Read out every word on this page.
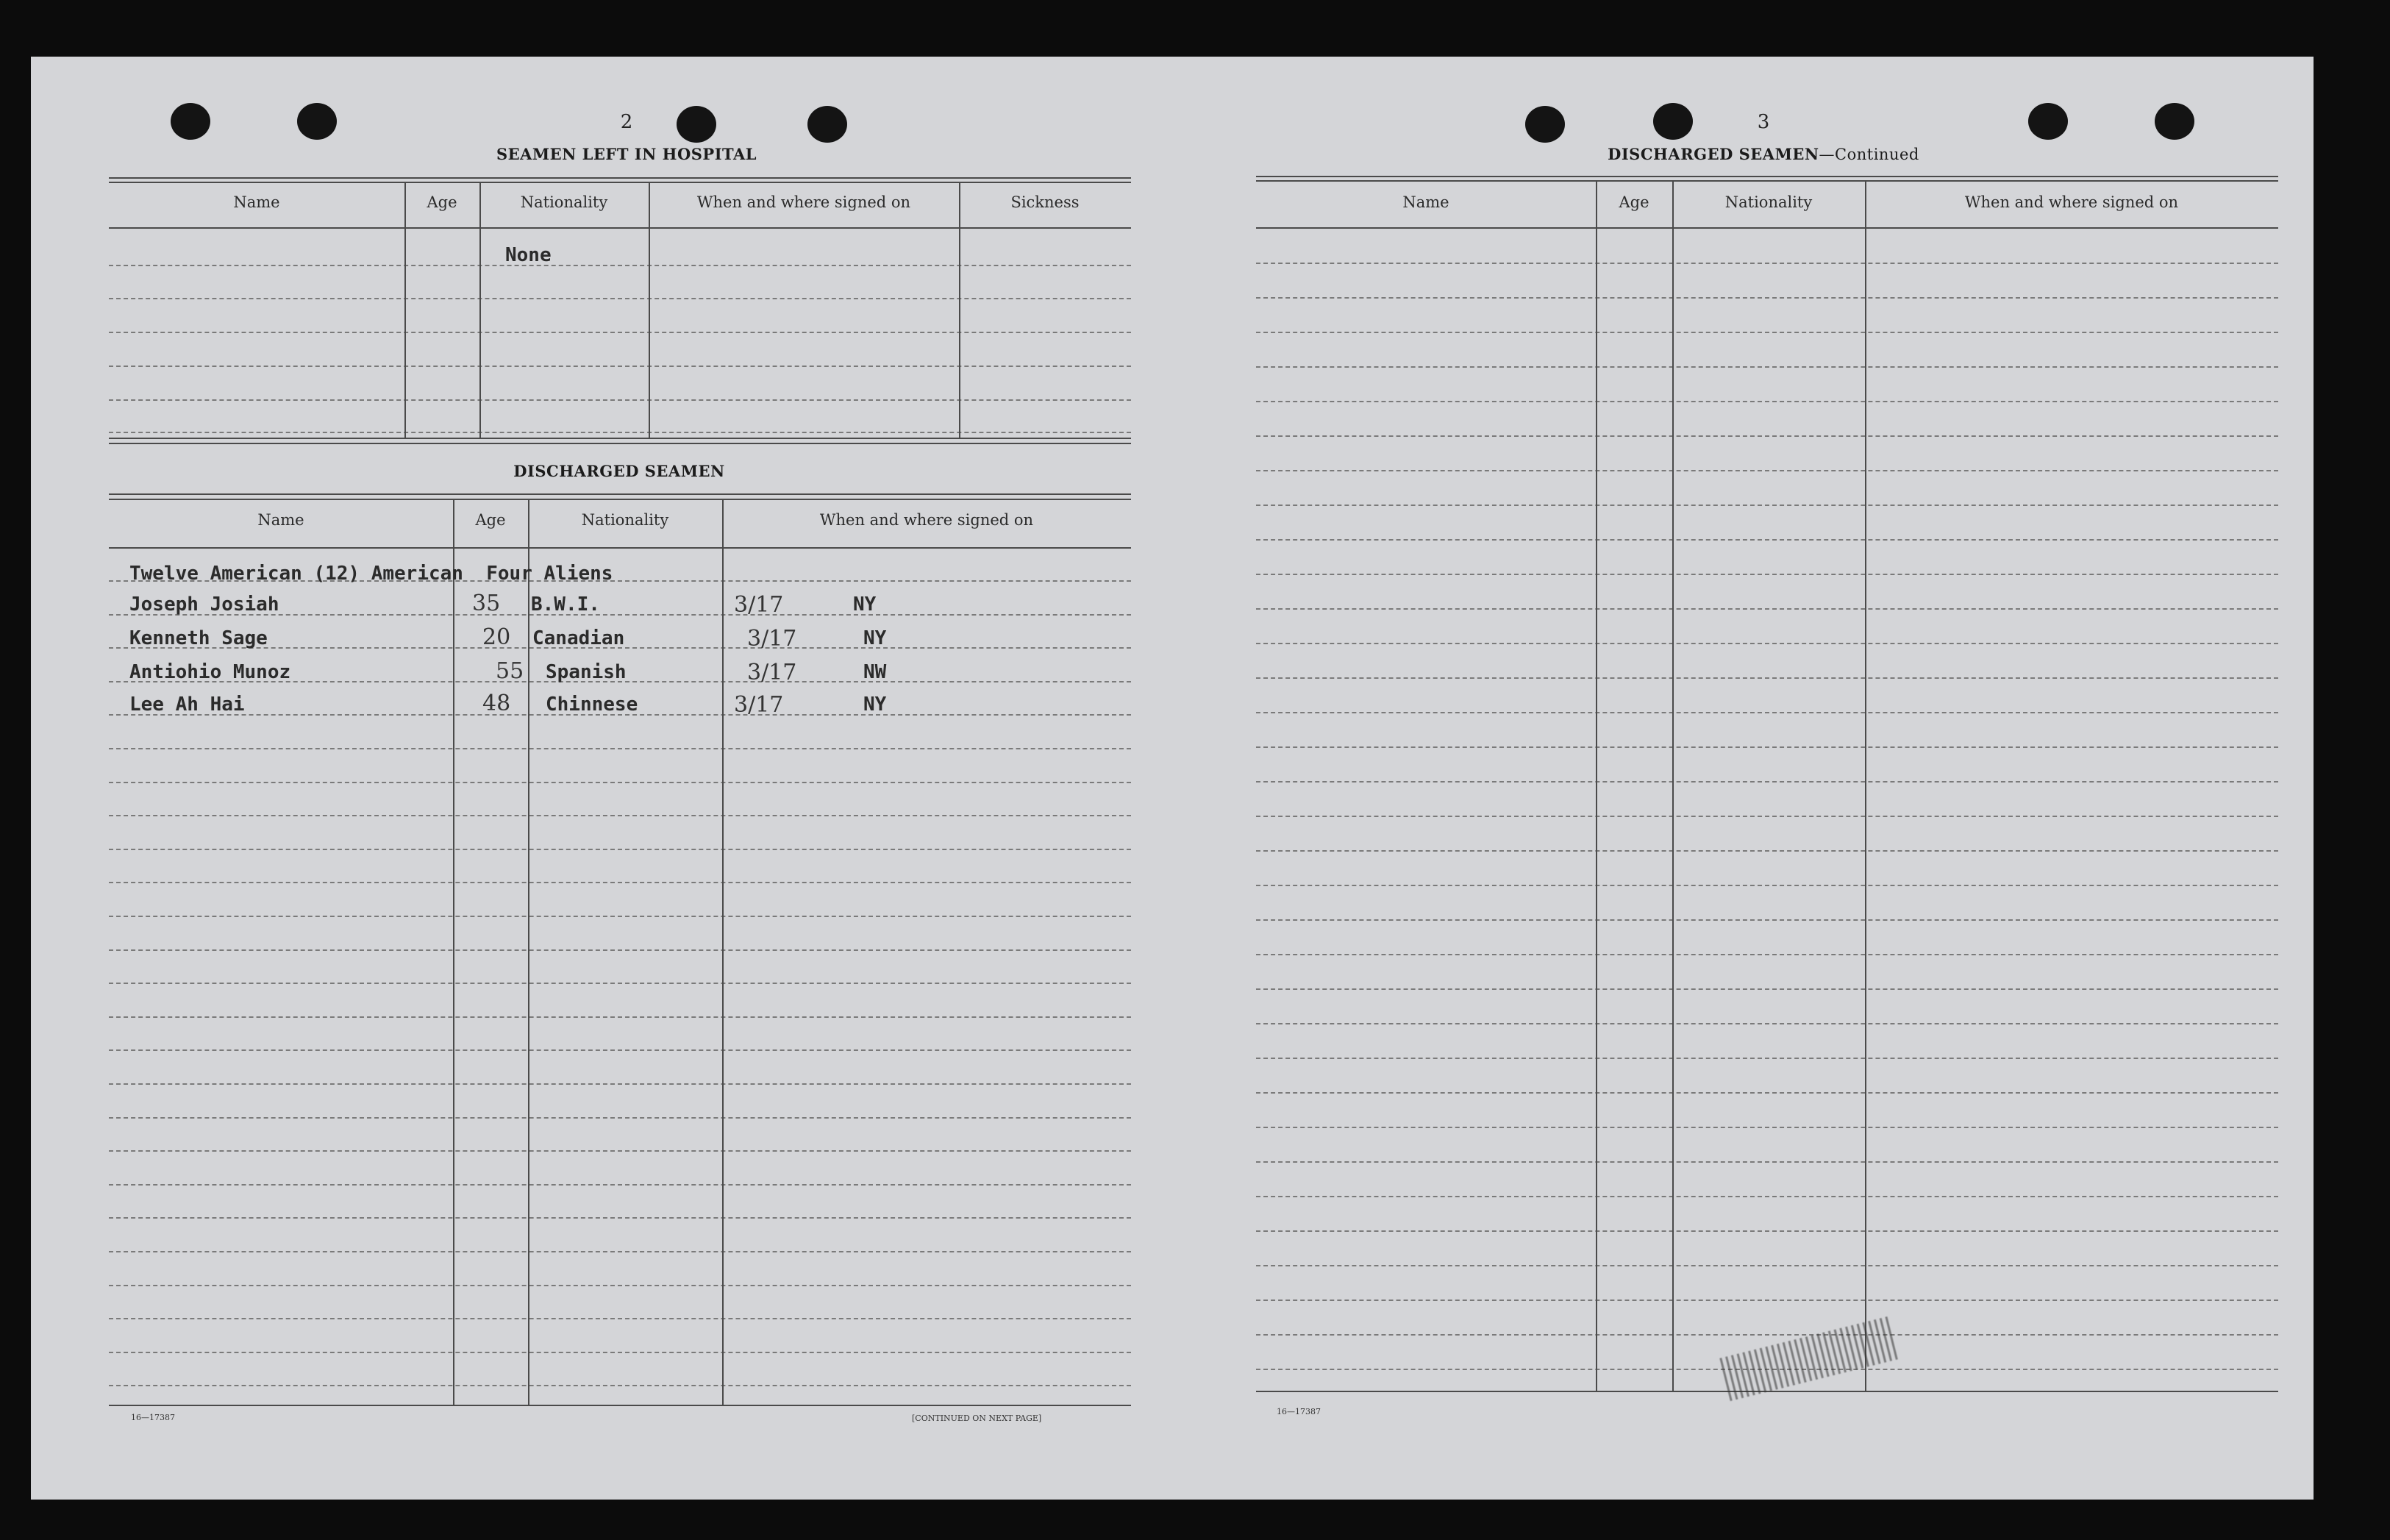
2
SEAMEN LEFT IN HOSPITAL
Name	Age	Nationality	When and where signed on	Sickness
None
DISCHARGED SEAMEN
Name	Age	Nationality	When and where signed on
Twelve American (12) American  Four Aliens
Joseph Josiah	35 B.W.I.	3/17	NY
Kenneth Sage	20 Canadian	3/17	NY
Antiohio Munoz	55 Spanish	3/17	NW
Lee Ah Hai	48 Chinnese	3/17	NY
16—17387	[CONTINUED ON NEXT PAGE]
3
DISCHARGED SEAMEN—Continued
Name	Age	Nationality	When and where signed on
16—17387
